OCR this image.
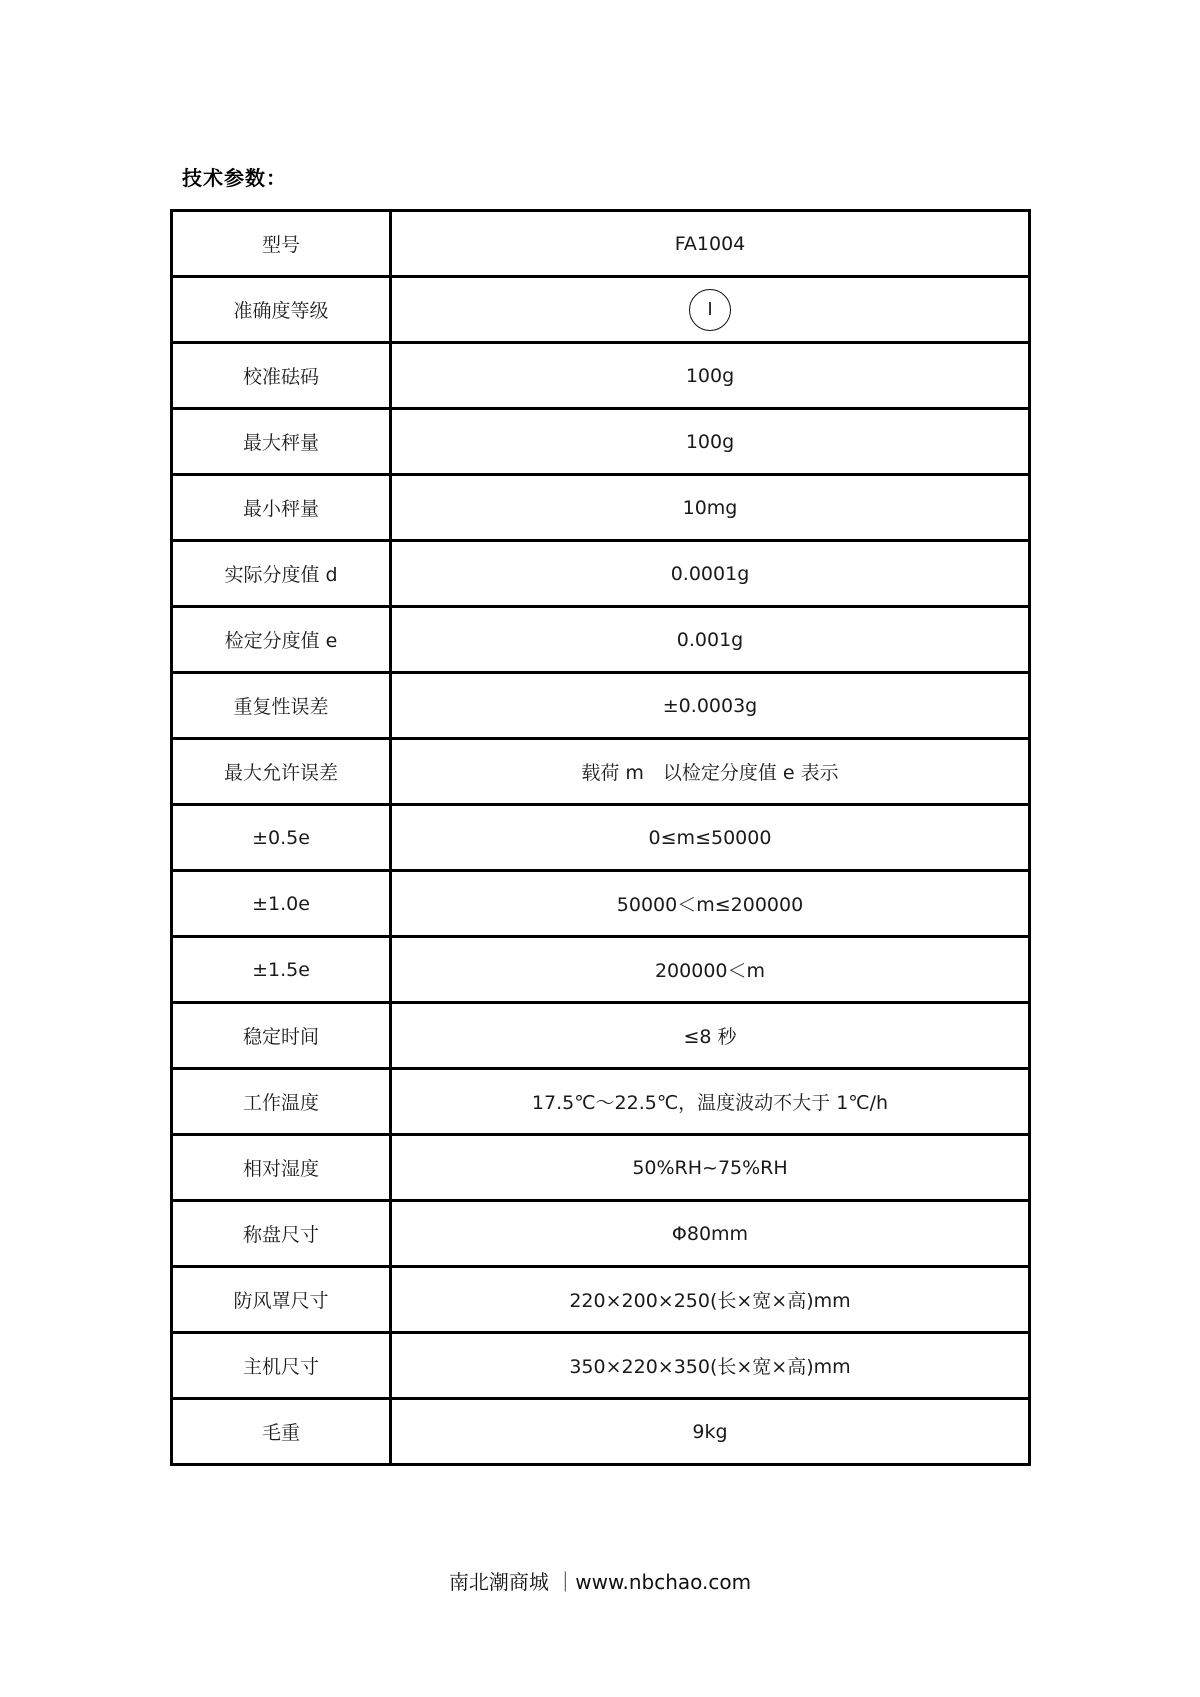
技术参数：
型号	FA1004
准确度等级	I
校准砝码	100g
最大秤量	100g
最小秤量	10mg
实际分度值 d	0.0001g
检定分度值 e	0.001g
重复性误差	±0.0003g
最大允许误差	载荷 m　以检定分度值 e 表示
±0.5e	0≤m≤50000
±1.0e	50000＜m≤200000
±1.5e	200000＜m
稳定时间	≤8 秒
工作温度	17.5℃～22.5℃，温度波动不大于 1℃/h
相对湿度	50%RH~75%RH
称盘尺寸	Φ80mm
防风罩尺寸	220×200×250(长×宽×高)mm
主机尺寸	350×220×350(长×宽×高)mm
毛重	9kg
南北潮商城 ｜www.nbchao.com
